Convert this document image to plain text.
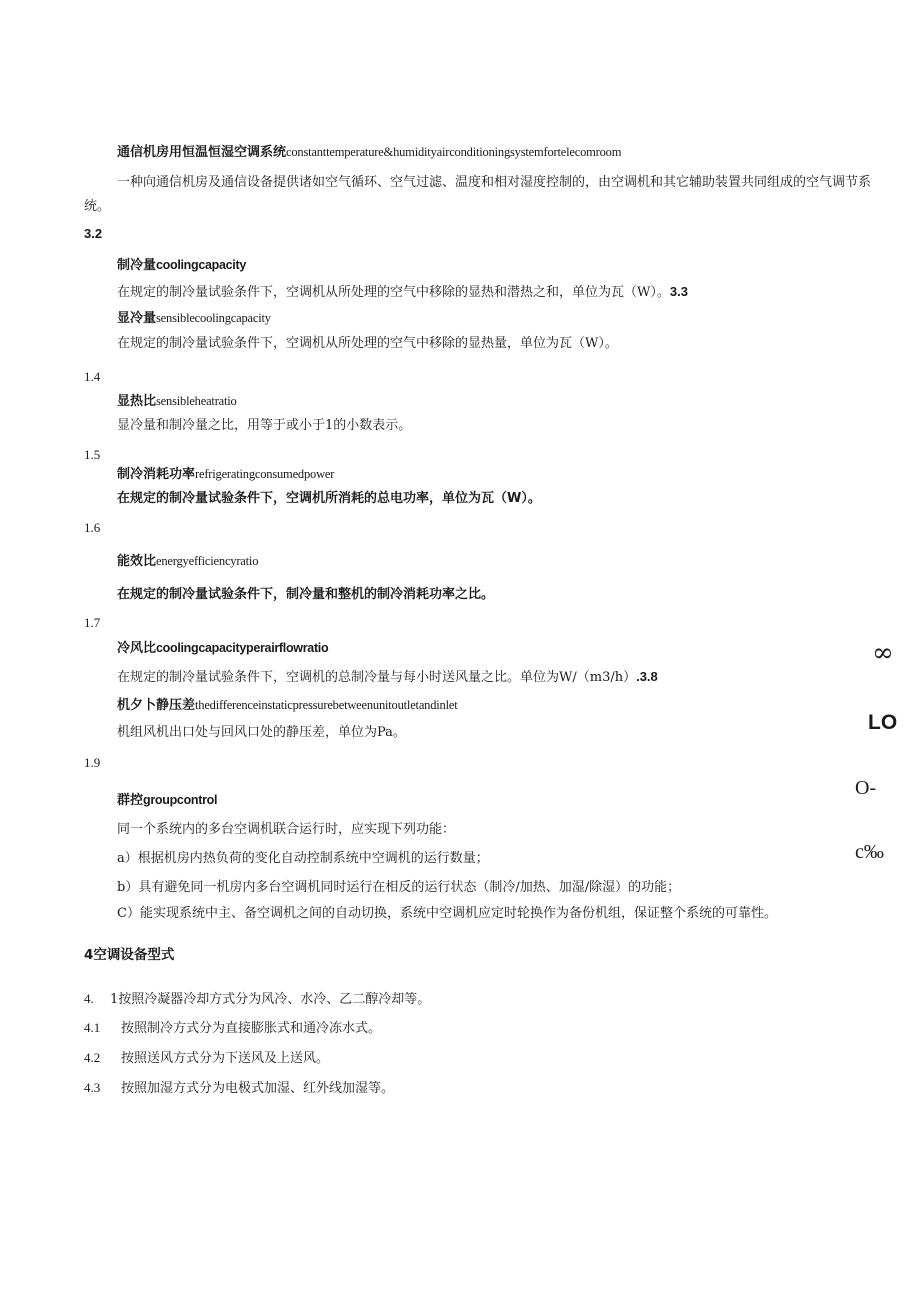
通信机房用恒温恒湿空调系统constanttemperature&humidityairconditioningsystemfortelecomroom
一种向通信机房及通信设备提供诸如空气循环、空气过滤、温度和相对湿度控制的，由空调机和其它辅助装置共同组成的空气调节系统。
3.2
制冷量coolingcapacity
在规定的制冷量试验条件下，空调机从所处理的空气中移除的显热和潜热之和，单位为瓦（W）。3.3
显冷量sensiblecoolingcapacity
在规定的制冷量试验条件下，空调机从所处理的空气中移除的显热量，单位为瓦（W）。
1.4
显热比sensibleheatratio
显冷量和制冷量之比，用等于或小于1的小数表示。
1.5
制冷消耗功率refrigeratingconsumedpower
在规定的制冷量试验条件下，空调机所消耗的总电功率，单位为瓦（W）。
1.6
能效比energyefficiencyratio
在规定的制冷量试验条件下，制冷量和整机的制冷消耗功率之比。
1.7
冷风比coolingcapacityperairflowratio
在规定的制冷量试验条件下，空调机的总制冷量与每小时送风量之比。单位为W/（m3/h）.3.8
机夕卜静压差thedifferenceinstaticpressurebetweenunitoutletandinlet
机组风机出口处与回风口处的静压差，单位为Pa。
1.9
群控groupcontrol
同一个系统内的多台空调机联合运行时，应实现下列功能：
a）根据机房内热负荷的变化自动控制系统中空调机的运行数量；
b）具有避免同一机房内多台空调机同时运行在相反的运行状态（制冷/加热、加湿/除湿）的功能；
C）能实现系统中主、备空调机之间的自动切换，系统中空调机应定时轮换作为备份机组，保证整个系统的可靠性。
4空调设备型式
4. 1按照冷凝器冷却方式分为风冷、水冷、乙二醇冷却等。
4.1 按照制冷方式分为直接膨胀式和通冷冻水式。
4.2 按照送风方式分为下送风及上送风。
4.3 按照加湿方式分为电极式加湿、红外线加湿等。
∞
LO
O-
c‰
